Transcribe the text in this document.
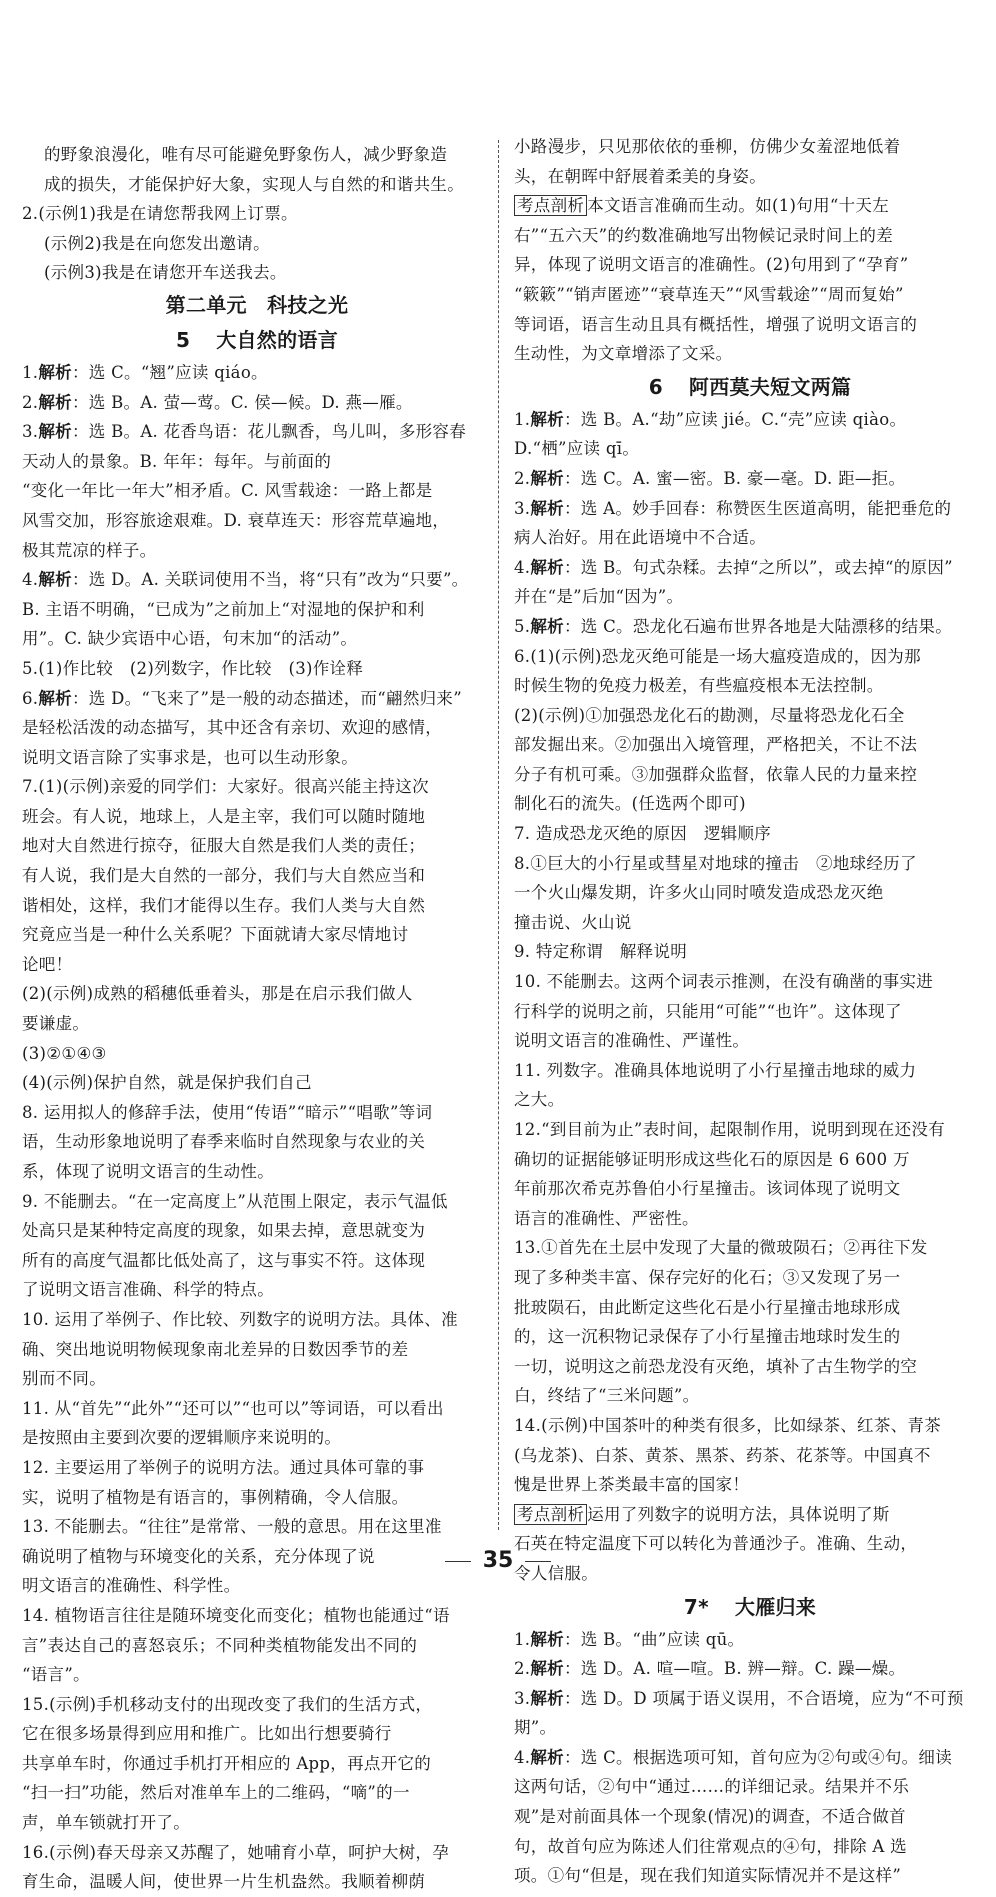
的野象浪漫化，唯有尽可能避免野象伤人，减少野象造
成的损失，才能保护好大象，实现人与自然的和谐共生。
2.(示例1)我是在请您帮我网上订票。
(示例2)我是在向您发出邀请。
(示例3)我是在请您开车送我去。
第二单元　科技之光
5 大自然的语言
1.解析：选 C。“翘”应读 qiáo。
2.解析：选 B。A. 萤—莺。C. 侯—候。D. 燕—雁。
3.解析：选 B。A. 花香鸟语：花儿飘香，鸟儿叫，多形容春
天动人的景象。B. 年年：每年。与前面的
“变化一年比一年大”相矛盾。C. 风雪载途：一路上都是
风雪交加，形容旅途艰难。D. 衰草连天：形容荒草遍地，
极其荒凉的样子。
4.解析：选 D。A. 关联词使用不当，将“只有”改为“只要”。
B. 主语不明确，“已成为”之前加上“对湿地的保护和利
用”。C. 缺少宾语中心语，句末加“的活动”。
5.(1)作比较　(2)列数字，作比较　(3)作诠释
6.解析：选 D。“飞来了”是一般的动态描述，而“翩然归来”
是轻松活泼的动态描写，其中还含有亲切、欢迎的感情，
说明文语言除了实事求是，也可以生动形象。
7.(1)(示例)亲爱的同学们：大家好。很高兴能主持这次
班会。有人说，地球上，人是主宰，我们可以随时随地
地对大自然进行掠夺，征服大自然是我们人类的责任；
有人说，我们是大自然的一部分，我们与大自然应当和
谐相处，这样，我们才能得以生存。我们人类与大自然
究竟应当是一种什么关系呢？下面就请大家尽情地讨
论吧！
(2)(示例)成熟的稻穗低垂着头，那是在启示我们做人
要谦虚。
(3)②①④③
(4)(示例)保护自然，就是保护我们自己
8. 运用拟人的修辞手法，使用“传语”“暗示”“唱歌”等词
语，生动形象地说明了春季来临时自然现象与农业的关
系，体现了说明文语言的生动性。
9. 不能删去。“在一定高度上”从范围上限定，表示气温低
处高只是某种特定高度的现象，如果去掉，意思就变为
所有的高度气温都比低处高了，这与事实不符。这体现
了说明文语言准确、科学的特点。
10. 运用了举例子、作比较、列数字的说明方法。具体、准
确、突出地说明物候现象南北差异的日数因季节的差
别而不同。
11. 从“首先”“此外”“还可以”“也可以”等词语，可以看出
是按照由主要到次要的逻辑顺序来说明的。
12. 主要运用了举例子的说明方法。通过具体可靠的事
实，说明了植物是有语言的，事例精确，令人信服。
13. 不能删去。“往往”是常常、一般的意思。用在这里准
确说明了植物与环境变化的关系，充分体现了说
明文语言的准确性、科学性。
14. 植物语言往往是随环境变化而变化；植物也能通过“语
言”表达自己的喜怒哀乐；不同种类植物能发出不同的
“语言”。
15.(示例)手机移动支付的出现改变了我们的生活方式，
它在很多场景得到应用和推广。比如出行想要骑行
共享单车时，你通过手机打开相应的 App，再点开它的
“扫一扫”功能，然后对准单车上的二维码，“嘀”的一
声，单车锁就打开了。
16.(示例)春天母亲又苏醒了，她哺育小草，呵护大树，孕
育生命，温暖人间，使世界一片生机盎然。我顺着柳荫
小路漫步，只见那依依的垂柳，仿佛少女羞涩地低着
头，在朝晖中舒展着柔美的身姿。
考点剖析 本文语言准确而生动。如(1)句用“十天左
右”“五六天”的约数准确地写出物候记录时间上的差
异，体现了说明文语言的准确性。(2)句用到了“孕育”
“簌簌”“销声匿迹”“衰草连天”“风雪载途”“周而复始”
等词语，语言生动且具有概括性，增强了说明文语言的
生动性，为文章增添了文采。
6 阿西莫夫短文两篇
1.解析：选 B。A.“劫”应读 jié。C.“壳”应读 qiào。
D.“栖”应读 qī。
2.解析：选 C。A. 蜜—密。B. 豪—毫。D. 距—拒。
3.解析：选 A。妙手回春：称赞医生医道高明，能把垂危的
病人治好。用在此语境中不合适。
4.解析：选 B。句式杂糅。去掉“之所以”，或去掉“的原因”
并在“是”后加“因为”。
5.解析：选 C。恐龙化石遍布世界各地是大陆漂移的结果。
6.(1)(示例)恐龙灭绝可能是一场大瘟疫造成的，因为那
时候生物的免疫力极差，有些瘟疫根本无法控制。
(2)(示例)①加强恐龙化石的勘测，尽量将恐龙化石全
部发掘出来。②加强出入境管理，严格把关，不让不法
分子有机可乘。③加强群众监督，依靠人民的力量来控
制化石的流失。(任选两个即可)
7. 造成恐龙灭绝的原因　逻辑顺序
8.①巨大的小行星或彗星对地球的撞击　②地球经历了
一个火山爆发期，许多火山同时喷发造成恐龙灭绝
撞击说、火山说
9. 特定称谓　解释说明
10. 不能删去。这两个词表示推测，在没有确凿的事实进
行科学的说明之前，只能用“可能”“也许”。这体现了
说明文语言的准确性、严谨性。
11. 列数字。准确具体地说明了小行星撞击地球的威力
之大。
12.“到目前为止”表时间，起限制作用，说明到现在还没有
确切的证据能够证明形成这些化石的原因是 6 600 万
年前那次希克苏鲁伯小行星撞击。该词体现了说明文
语言的准确性、严密性。
13.①首先在土层中发现了大量的微玻陨石；②再往下发
现了多种类丰富、保存完好的化石；③又发现了另一
批玻陨石，由此断定这些化石是小行星撞击地球形成
的，这一沉积物记录保存了小行星撞击地球时发生的
一切，说明这之前恐龙没有灭绝，填补了古生物学的空
白，终结了“三米问题”。
14.(示例)中国茶叶的种类有很多，比如绿茶、红茶、青茶
(乌龙茶)、白茶、黄茶、黑茶、药茶、花茶等。中国真不
愧是世界上茶类最丰富的国家！
考点剖析 运用了列数字的说明方法，具体说明了斯
石英在特定温度下可以转化为普通沙子。准确、生动，
令人信服。
7* 大雁归来
1.解析：选 B。“曲”应读 qū。
2.解析：选 D。A. 喧—喧。B. 辨—辩。C. 躁—燥。
3.解析：选 D。D 项属于语义误用，不合语境，应为“不可预
期”。
4.解析：选 C。根据选项可知，首句应为②句或④句。细读
这两句话，②句中“通过……的详细记录。结果并不乐
观”是对前面具体一个现象(情况)的调查，不适合做首
句，故首句应为陈述人们往常观点的④句，排除 A 选
项。①句“但是，现在我们知道实际情况并不是这样”
35
